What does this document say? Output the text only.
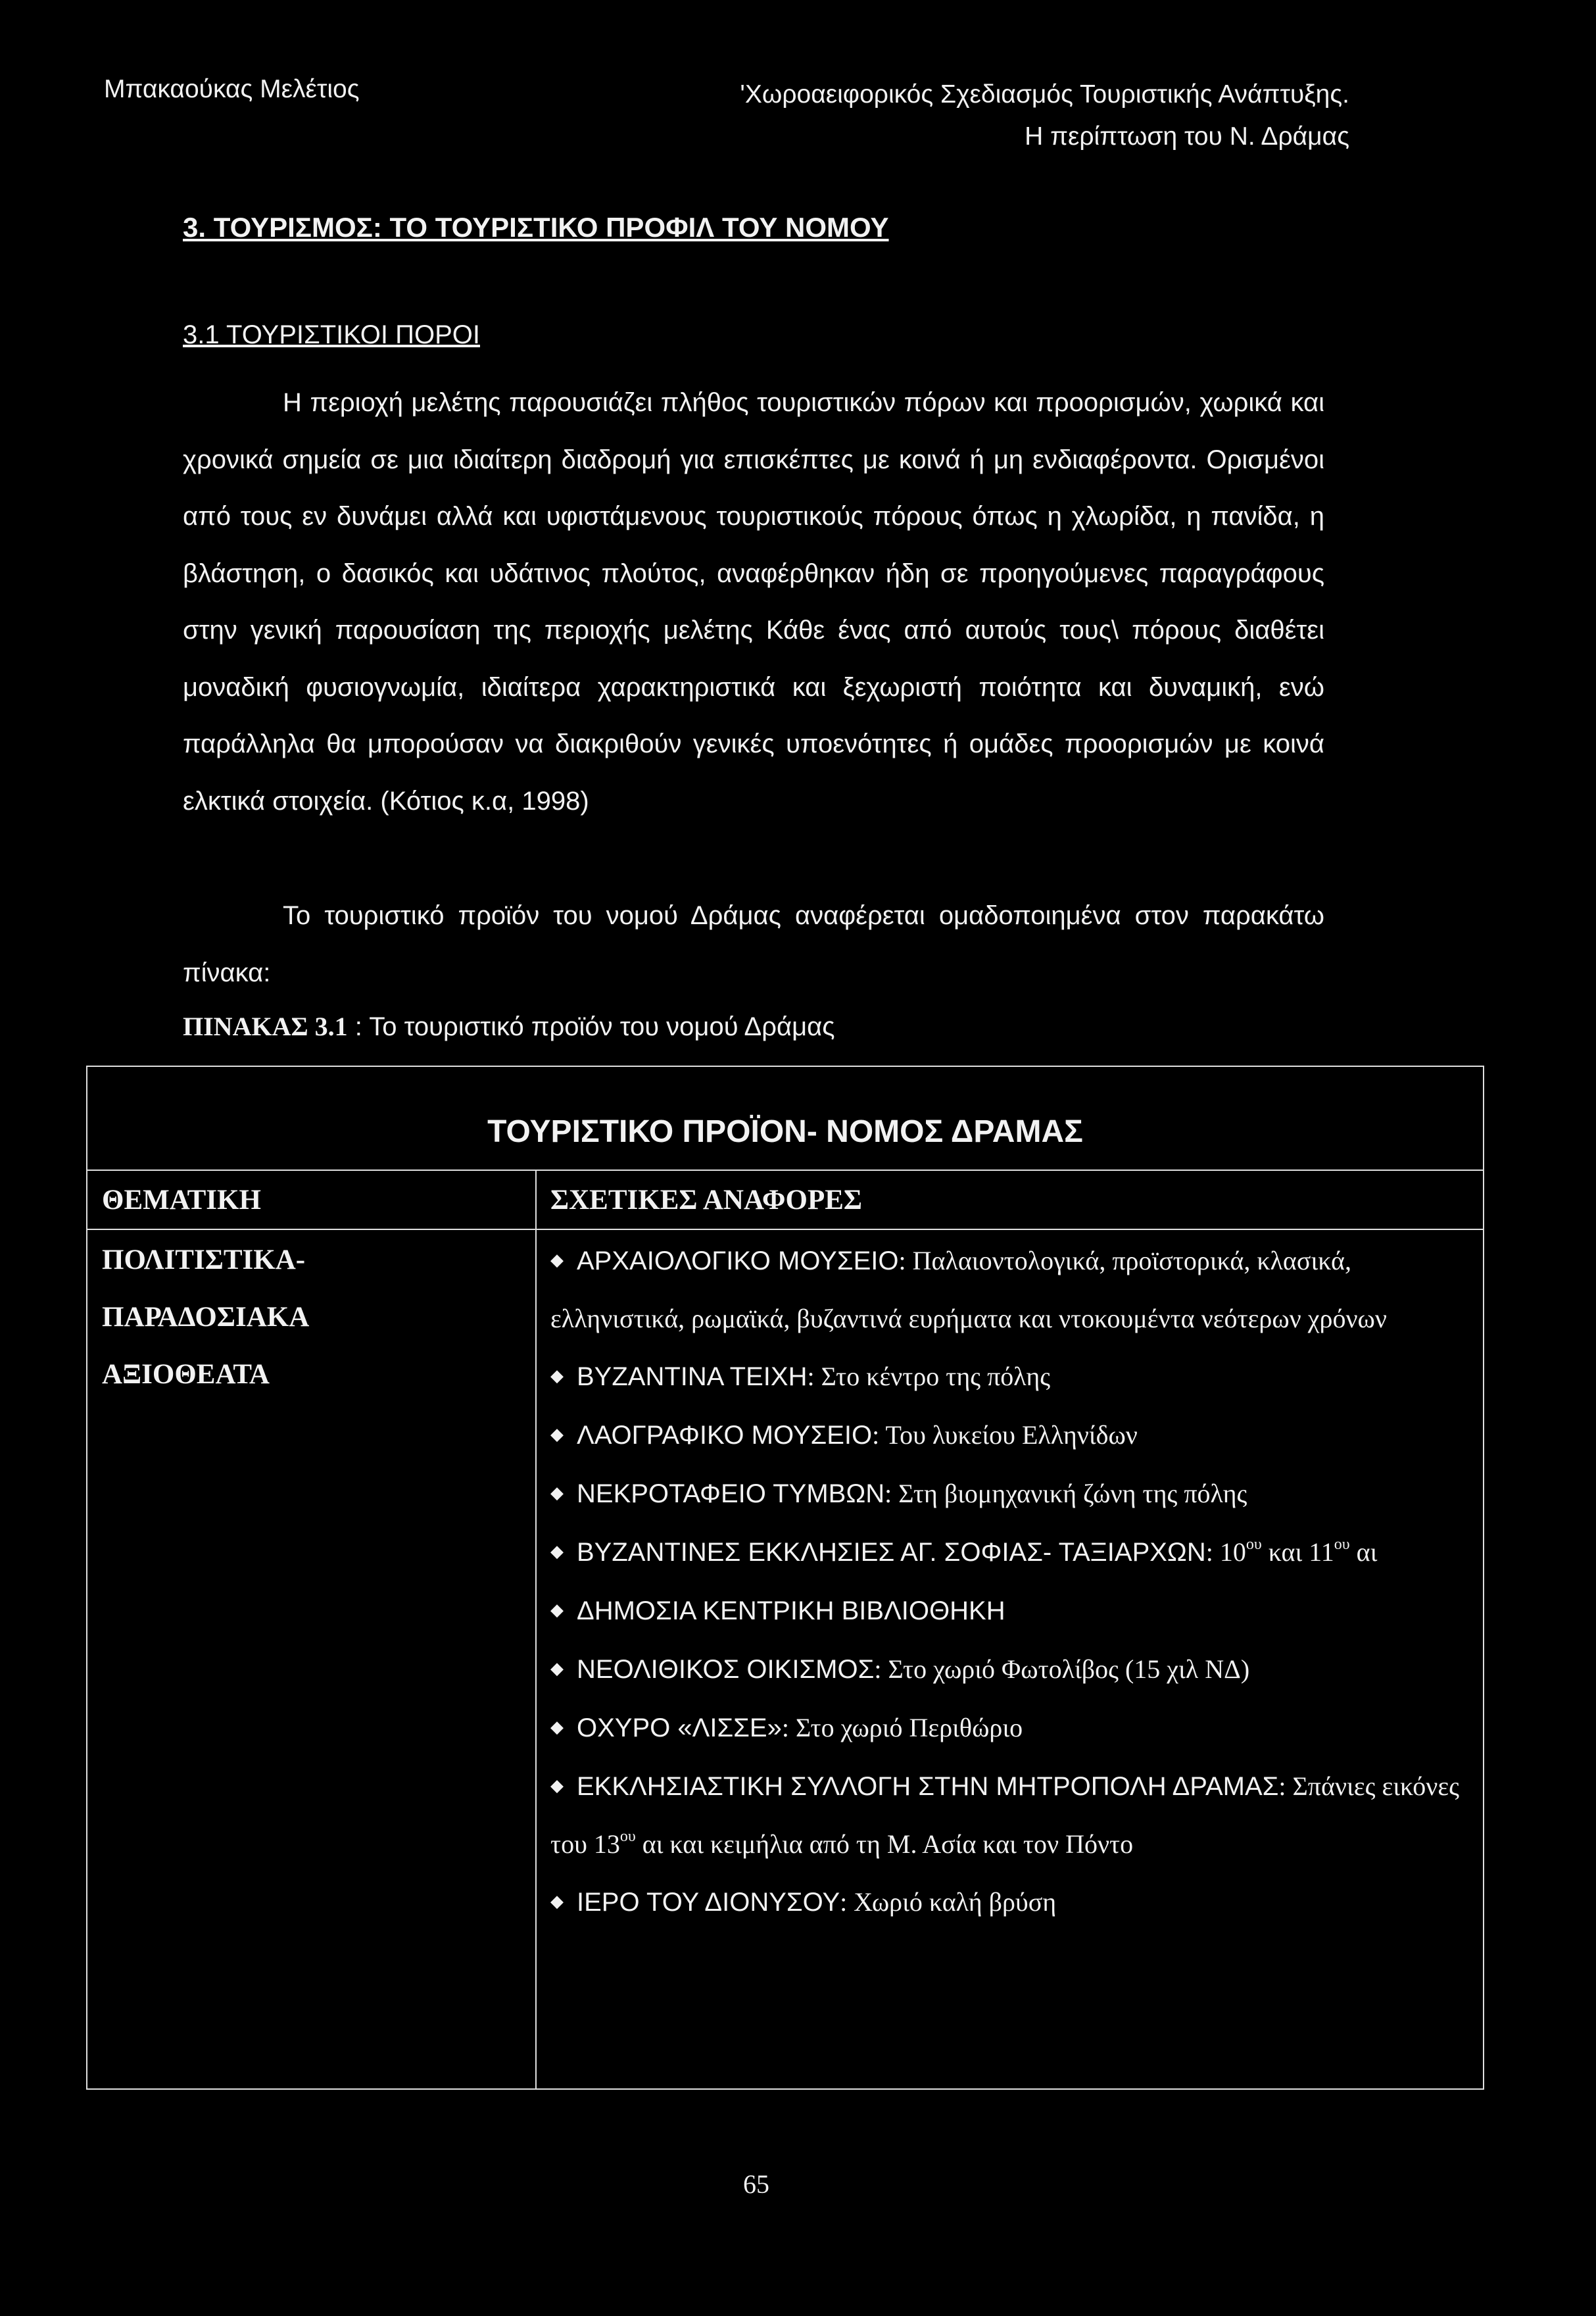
Μπακαούκας Μελέτιος	'Χωροαειφορικός Σχεδιασμός Τουριστικής Ανάπτυξης.
Η περίπτωση του Ν. Δράμας
3. ΤΟΥΡΙΣΜΟΣ: ΤΟ ΤΟΥΡΙΣΤΙΚΟ ΠΡΟΦΙΛ ΤΟΥ ΝΟΜΟΥ
3.1 ΤΟΥΡΙΣΤΙΚΟΙ ΠΟΡΟΙ

Η περιοχή μελέτης παρουσιάζει πλήθος τουριστικών πόρων και προορισμών, χωρικά και χρονικά σημεία σε μια ιδιαίτερη διαδρομή για επισκέπτες με κοινά ή μη ενδιαφέροντα. Ορισμένοι από τους εν δυνάμει αλλά και υφιστάμενους τουριστικούς πόρους όπως η χλωρίδα, η πανίδα, η βλάστηση, ο δασικός και υδάτινος πλούτος, αναφέρθηκαν ήδη σε προηγούμενες παραγράφους στην γενική παρουσίαση της περιοχής μελέτης Κάθε ένας από αυτούς τους\ πόρους διαθέτει μοναδική φυσιογνωμία, ιδιαίτερα χαρακτηριστικά και ξεχωριστή ποιότητα και δυναμική, ενώ παράλληλα θα μπορούσαν να διακριθούν γενικές υποενότητες ή ομάδες προορισμών με κοινά ελκτικά στοιχεία. (Κότιος κ.α, 1998)

Το τουριστικό προϊόν του νομού Δράμας αναφέρεται ομαδοποιημένα στον παρακάτω πίνακα:

ΠΙΝΑΚΑΣ 3.1 : Το τουριστικό προϊόν του νομού Δράμας
ΤΟΥΡΙΣΤΙΚΟ ΠΡΟΪΟΝ- ΝΟΜΟΣ ΔΡΑΜΑΣ
ΘΕΜΑΤΙΚΗ	ΣΧΕΤΙΚΕΣ ΑΝΑΦΟΡΕΣ
ΠΟΛΙΤΙΣΤΙΚΑ-
ΠΑΡΑΔΟΣΙΑΚΑ
ΑΞΙΟΘΕΑΤΑ
◆ ΑΡΧΑΙΟΛΟΓΙΚΟ ΜΟΥΣΕΙΟ: Παλαιοντολογικά, προϊστορικά, κλασικά, ελληνιστικά, ρωμαϊκά, βυζαντινά ευρήματα και ντοκουμέντα νεότερων χρόνων
◆ ΒΥΖΑΝΤΙΝΑ ΤΕΙΧΗ: Στο κέντρο της πόλης
◆ ΛΑΟΓΡΑΦΙΚΟ ΜΟΥΣΕΙΟ: Του λυκείου Ελληνίδων
◆ ΝΕΚΡΟΤΑΦΕΙΟ ΤΥΜΒΩΝ: Στη βιομηχανική ζώνη της πόλης
◆ ΒΥΖΑΝΤΙΝΕΣ ΕΚΚΛΗΣΙΕΣ ΑΓ. ΣΟΦΙΑΣ- ΤΑΞΙΑΡΧΩΝ: $10^{o\upsilon}$ και $11^{o\upsilon}$ αι
◆ ΔΗΜΟΣΙΑ ΚΕΝΤΡΙΚΗ ΒΙΒΛΙΟΘΗΚΗ
◆ ΝΕΟΛΙΘΙΚΟΣ ΟΙΚΙΣΜΟΣ: Στο χωριό Φωτολίβος (15 χιλ ΝΔ)
◆ ΟΧΥΡΟ «ΛΙΣΣΕ»: Στο χωριό Περιθώριο
◆ ΕΚΚΛΗΣΙΑΣΤΙΚΗ ΣΥΛΛΟΓΗ ΣΤΗΝ ΜΗΤΡΟΠΟΛΗ ΔΡΑΜΑΣ: Σπάνιες εικόνες του $13^{o\upsilon}$ αι και κειμήλια από τη Μ. Ασία και τον Πόντο
◆ ΙΕΡΟ ΤΟΥ ΔΙΟΝΥΣΟΥ: Χωριό καλή βρύση
65
